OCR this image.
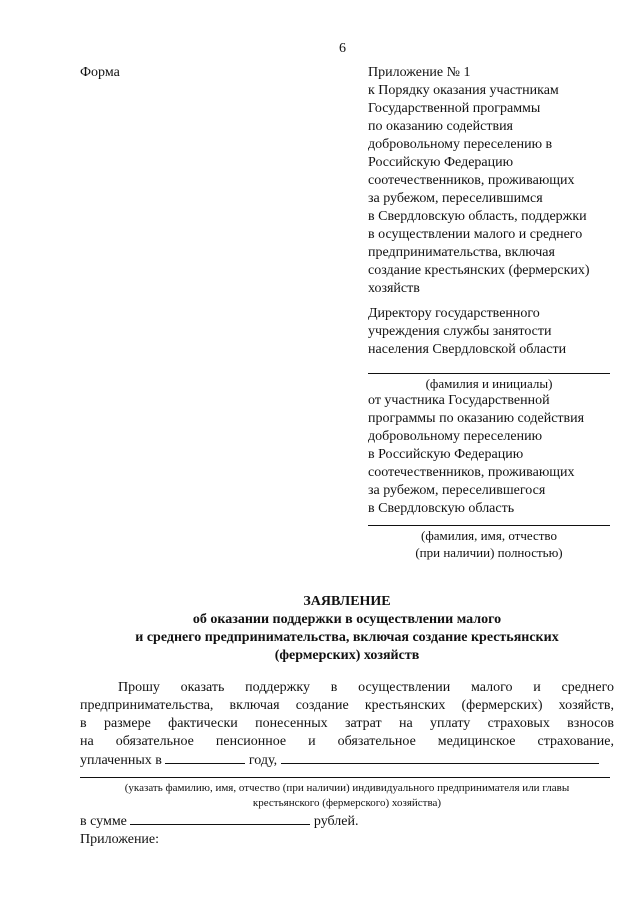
6
Форма	Приложение № 1
к Порядку оказания участникам
Государственной программы
по оказанию содействия
добровольному переселению в
Российскую Федерацию
соотечественников, проживающих
за рубежом, переселившимся
в Свердловскую область, поддержки
в осуществлении малого и среднего
предпринимательства, включая
создание крестьянских (фермерских)
хозяйств
Директору государственного
учреждения службы занятости
населения Свердловской области
(фамилия и инициалы)
от участника Государственной
программы по оказанию содействия
добровольному переселению
в Российскую Федерацию
соотечественников, проживающих
за рубежом, переселившегося
в Свердловскую область
(фамилия, имя, отчество
(при наличии) полностью)
ЗАЯВЛЕНИЕ
об оказании поддержки в осуществлении малого
и среднего предпринимательства, включая создание крестьянских
(фермерских) хозяйств
Прошу оказать поддержку в осуществлении малого и среднего
предпринимательства, включая создание крестьянских (фермерских) хозяйств,
в размере фактически понесенных затрат на уплату страховых взносов
на обязательное пенсионное и обязательное медицинское страхование,
уплаченных в	году,
(указать фамилию, имя, отчество (при наличии) индивидуального предпринимателя или главы
крестьянского (фермерского) хозяйства)
в сумме	рублей.
Приложение:
